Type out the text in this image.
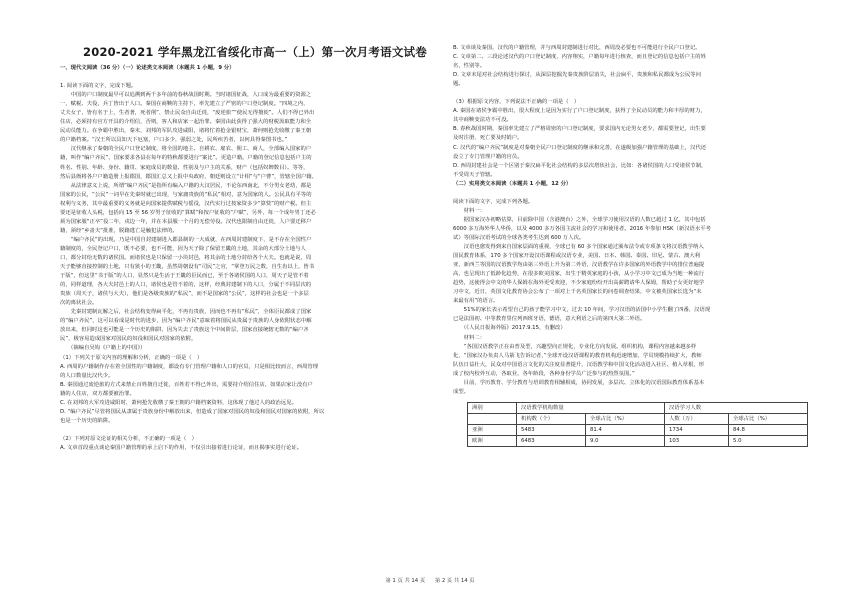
2020-2021 学年黑龙江省绥化市高一（上）第一次月考语文试卷

一、现代文阅读（36 分）（一）论述类文本阅读（本题共 1 小题，9 分）

1. 阅读下面的文字，完成下题。

　　中国的户口制度最早可以追溯到两千多年前的春秋战国时期。当时诸国征战，人口成为最重要的资源之

一，赋税、夫役，兵丁皆出于人口。秦国在商鞅的主持下，率先建立了严密的户口登记制度。“四境之内，

丈夫女子，皆有名于上，生者著，死者削”，禁止民众自由迁徙，“废逆旅”“使民无得擅徙”。人们不得已外出

住店，必须持有官方开具的介绍信，否则，客人和店家一起治罪。秦国由此获得了强大的财税汲取能力和全

民动员能力。在争霸中胜出，秦末，刘邦的军队攻进咸阳，诸将忙着抢金银财宝，萧何则抢先收缴了秦王朝

的户籍档案。“汉王所以具知天下厄塞，户口多少，强弱之处，民所疾苦者，以何具得秦图书也。”

　　汉代继承了秦朝的全民户口登记制度，将全国的地主、自耕农、雇农、佣工、商人，全部编入国家的户

籍，叫作“编户齐民”，国家要求各县在每年的特秋都要进行“案比”。更造户籍。户籍的登记信息包括户主的

姓名、性别、年龄、身份、籍贯、家庭成员的数量、性别及与户主的关系，财产（包括奴婢数目）。等等，

然后县衙将各户户籍造册上报郡国，郡国汇总又上报中央政府，朝廷则设立“计相”与“户曹”，管辖全国户籍。

　　从法律意义上说，所谓“编户齐民”是指所有编入户籍的大汉居民，不论东西南北，不分男女老幼，都是

国家的公民，“公民”一词早在先秦时就已出现，与家庸贵族的“私民”相对，意为国家的人。公民具有平等的

权利与义务，其中最重要的义务就是向国家提供赋税与徭役，汉代实行过按家资多少“算赀”的财产税。但主

要还是征收人头税，包括向 15 至 56 岁男子征收的“算赋”和按户征收的“户赋”，另外，每一个成年男丁还必

须为国家服“正卒”役二年，戍边一年，并在本县服一个月的无偿劳役。汉代也限制自由迁徙，人户要迁移户

籍，须经“乡啬夫”批准，脱籍逃亡是触犯法律的。

　　“编户齐民”的出现，乃是中国自封建制进入郡县制的一大成就，在西周封建制度下，是不存在全国性户

籍制度的，全民登记户口，既不必要，也不可能，因为天子除了保留王畿的土地，其余的大部分土地与人

口，都分封给无数的诸侯国。而诸侯也是只保留一小块封邑，将其余的土地分封给各个大夫。也就是说，周

天子能够直接控制的土地，只有狭小的王畿，虽然周朝设有“司民”之官，“掌登万民之数，自生齿以上，皆书

于版”，但这里“书于版”的人口，显然只是生活于王畿的臣民而已，至于各诸侯国的人口，周天子是管不着

的，同样道理，各大夫封邑上的人口，诸侯也是管不着的，这样，经典封建制下的人口，分属于不同层次的

贵族（周天子，诸侯与大夫），他们是各级贵族的“私民”，而不是国家的“公民”，这样的社会也是一个多层

次的离状社会。

　　先秦封建制瓦解之后，社会结构变得扁平化，不再有贵族，因而也不再有“私民”，全体臣民都成了国家

的“编户齐民”，这可以看成是时代的进步，因为“编户齐民”意味着将国民从贵属于贵族的人身依附状态中解

放出来，但同时这也可能是一个历史的陷阱，因为失去了贵族这个中间阶层，国家直接统辖无数的“编户齐

民”，极容易造成国家对国民的奴役和国民对国家的依附。

　　（摘编自吴钩《户籍上的中国》）

（1）下列关于原文内容的理解和分析，正确的一项是（　）

A. 西周的户籍制作存在着全国性的户籍制度，都设有专门管理户籍和人口的官员，只是相比较而言，西周管理

的人口数量比汉代少。

B. 秦国通过废逆旅的方式来禁止百姓擅自迁徙，百姓若不得已外出，需要持介绍信住店，如果店家让没有户

籍的人住店，双方都要被治罪。

C. 在刘邦的大军攻进咸阳时，萧何抢先收缴了秦王朝的户籍档案资料，这体现了他过人的政治远见。

D. “编户齐民”尽管将国民从隶属于贵族身份中解放出来，但造成了国家对国民的奴役和国民对国家的依附，所以

也是一个历史的陷阱。

（2）下列对原文论证的相关分析，不正确的一项是（　）

A. 文章首段重点谈论秦国户籍管理的承上启下的作用，不仅引出接着进行论证，而且揭事实进行论证。

B. 文章谈及秦国，汉代的户籍管理，并与西周封建制进行对比，西周没必要也不可能进行全民户口登记。

C. 文章第二、三段论述汉代的户口登记制度，内容翔实，户籍每年进行核查，而且登记的信息包括户主的姓

名，性别等。

D. 文章末尾对社会结构进行探讨，从深层挖掘先秦贵族阶层消失，社会扁平，贵族和私民都成为公民等问

题。

（3）根据原文内容，下列说法不正确的一项是（　）

A. 秦国在诸侯争霸中胜出，很大程度上是因为实行了户口登记制度，获得了全民动员的能力和丰厚的财力，

其中商鞅变法功不可没。

B. 春秋战国时期，秦国率先建立了严格周密的户口登记制度，要求国内无论男女老少，都需要登记，出生要

及时注册，死亡要及时销户。

C. 汉代的“编户齐民”制度是对秦朝全民户口登记制度的继承和完善，在遂级加强户籍管理的基础上，汉代还

设立了专门管理户籍的官员。

D. 西周封建社会是一个区别于秦汉扁平化社会结构的多层次塔状社会，比如：各诸侯国的人口受诸侯节制，

不受周天子管辖。

（二）实用类文本阅读（本题共 1 小题，12 分）

阅读下面的文字，完成下列各题。

　　材料一：

　　据国家汉办初略估算，目前除中国（含港澳台）之外，全球学习使用汉语的人数已超过 1 亿，其中包括

6000 多万海外华人华侨，以及 4000 多万各国主流社会的学习和使用者。2016 年参加 HSK（新汉语水平考

试）等国际汉语考试的全球各类考生达到 600 万人次。

　　汉语也愈发得到来自国家层面的重视，全球已有 60 多个国家通过颁布法令或专项条文将汉语教学纳入

国民教育体系，170 多个国家开设汉语课程或汉语专业，美国、日本、韩国、泰国、印尼、蒙古、澳大利

亚，新西兰等国的汉语教学均由第三外语上升为第二外语，汉语教学在许多国家的外语教学中的排位普遍提

高，也呈现出了低龄化趋势，在很多欧美国家，出生于精英家庭的小孩，从小学习中文已成为当地一种流行

趋势，这使得会中文的华人保姆在海外更受欢迎，不少家庭纷纷开出高薪聘请华人保姆，帮助子女更好地学

习中文，近日，英国文化教育协会公布了一项对上千名英国家长的问卷调查结果，中文被英国家长选为“未

来最有用”的语言。

　　51%的家长表示希望自己的孩子能学习中文，过去 10 年间，学习汉语的活国中小学生翻了四番，汉语现

已是法国初、中等教育里位列西班牙语，德语，意大利语之后的第四大第二外语。

　　（《人民日报海外版》2017.9.15，有删改）

　　材料二：

　　“各国汉语教学正在由普及型，兴趣型向正规化，专业化方向发展。组织机构，课程内容越来越多样

化，“国家汉办负责人马箭飞告诉记者，”全球开设汉语课程的教育机构迅速增加，学员规模持续扩大，教师

队伍日益壮大，民众对中国语言文化的关注度显著提升，汉语教学和中国文化活动进入社区、植入草根，形

成了校内校外互动，各取业，各年龄段，各种身份学员广泛参与的热烈氛围。”

　　目前，学历教育、学分教育与培训教育相辅相成，协同发展，多层次、立体化的汉语国际教育体系基本

成型。

洲别	汉语教学机构数量		汉语学习人数	
	机构数（个）	全球占比（%）	人数（万）	全球占比（%）
亚洲	5483	81.4	1734	84.8
欧洲	6483	9.0	103	5.0
第 1 页 共 14 页 第 2 页 共 14 页
